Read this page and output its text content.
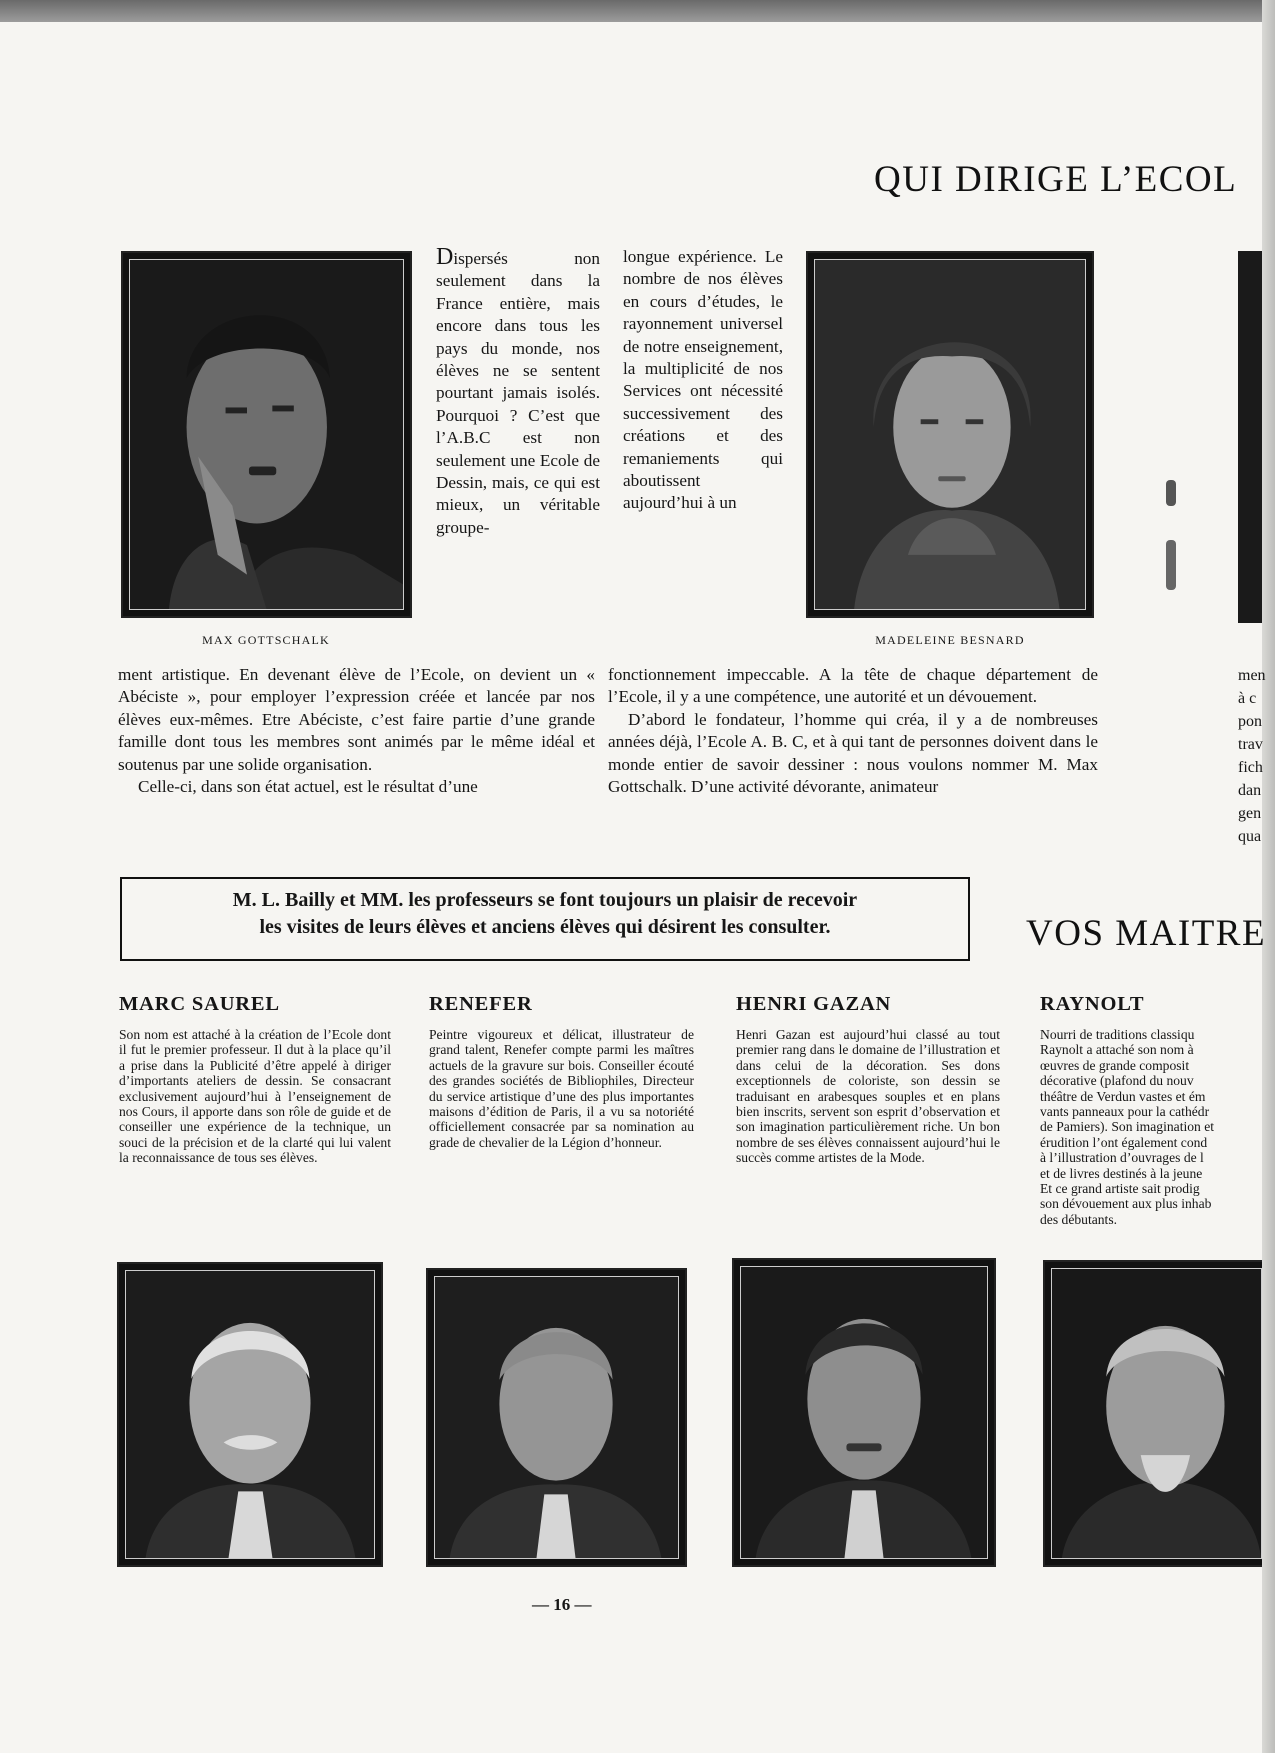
QUI DIRIGE L’ECOL
MAX GOTTSCHALK	MADELEINE BESNARD

Dispersés non seulement dans la France entière, mais encore dans tous les pays du monde, nos élèves ne se sentent pourtant jamais isolés. Pourquoi ? C’est que l’A.B.C est non seulement une Ecole de Dessin, mais, ce qui est mieux, un véritable groupe-

longue expérience. Le nombre de nos élèves en cours d’études, le rayonnement universel de notre enseignement, la multiplicité de nos Services ont nécessité successivement des créations et des remaniements qui aboutissent aujourd’hui à un

ment artistique. En devenant élève de l’Ecole, on devient un « Abéciste », pour employer l’expression créée et lancée par nos élèves eux-mêmes. Etre Abéciste, c’est faire partie d’une grande famille dont tous les membres sont animés par le même idéal et soutenus par une solide organisation.

Celle-ci, dans son état actuel, est le résultat d’une

fonctionnement impeccable. A la tête de chaque département de l’Ecole, il y a une compétence, une autorité et un dévouement.

D’abord le fondateur, l’homme qui créa, il y a de nombreuses années déjà, l’Ecole A. B. C, et à qui tant de personnes doivent dans le monde entier de savoir dessiner : nous voulons nommer M. Max Gottschalk. D’une activité dévorante, animateur

men
à c
pon
trav
fich
dan
gen
qua
M. L. Bailly et MM. les professeurs se font toujours un plaisir de recevoir
les visites de leurs élèves et anciens élèves qui désirent les consulter.	VOS MAITRE
MARC SAUREL
Son nom est attaché à la création de l’Ecole dont il fut le premier professeur. Il dut à la place qu’il a prise dans la Publicité d’être appelé à diriger d’importants ateliers de dessin. Se consacrant exclusivement aujourd’hui à l’enseignement de nos Cours, il apporte dans son rôle de guide et de conseiller une expérience de la technique, un souci de la précision et de la clarté qui lui valent la reconnaissance de tous ses élèves.
RENEFER
Peintre vigoureux et délicat, illustrateur de grand talent, Renefer compte parmi les maîtres actuels de la gravure sur bois. Conseiller écouté des grandes sociétés de Bibliophiles, Directeur du service artistique d’une des plus importantes maisons d’édition de Paris, il a vu sa notoriété officiellement consacrée par sa nomination au grade de chevalier de la Légion d’honneur.
HENRI GAZAN
Henri Gazan est aujourd’hui classé au tout premier rang dans le domaine de l’illustration et dans celui de la décoration. Ses dons exceptionnels de coloriste, son dessin se traduisant en arabesques souples et en plans bien inscrits, servent son esprit d’observation et son imagination particulièrement riche. Un bon nombre de ses élèves connaissent aujourd’hui le succès comme artistes de la Mode.
RAYNOLT
Nourri de traditions classiqu
Raynolt a attaché son nom à
œuvres de grande composit
décorative (plafond du nouv
théâtre de Verdun vastes et ém
vants panneaux pour la cathédr
de Pamiers). Son imagination et
érudition l’ont également cond
à l’illustration d’ouvrages de l
et de livres destinés à la jeune
Et ce grand artiste sait prodig
son dévouement aux plus inhab
des débutants.
— 16 —
